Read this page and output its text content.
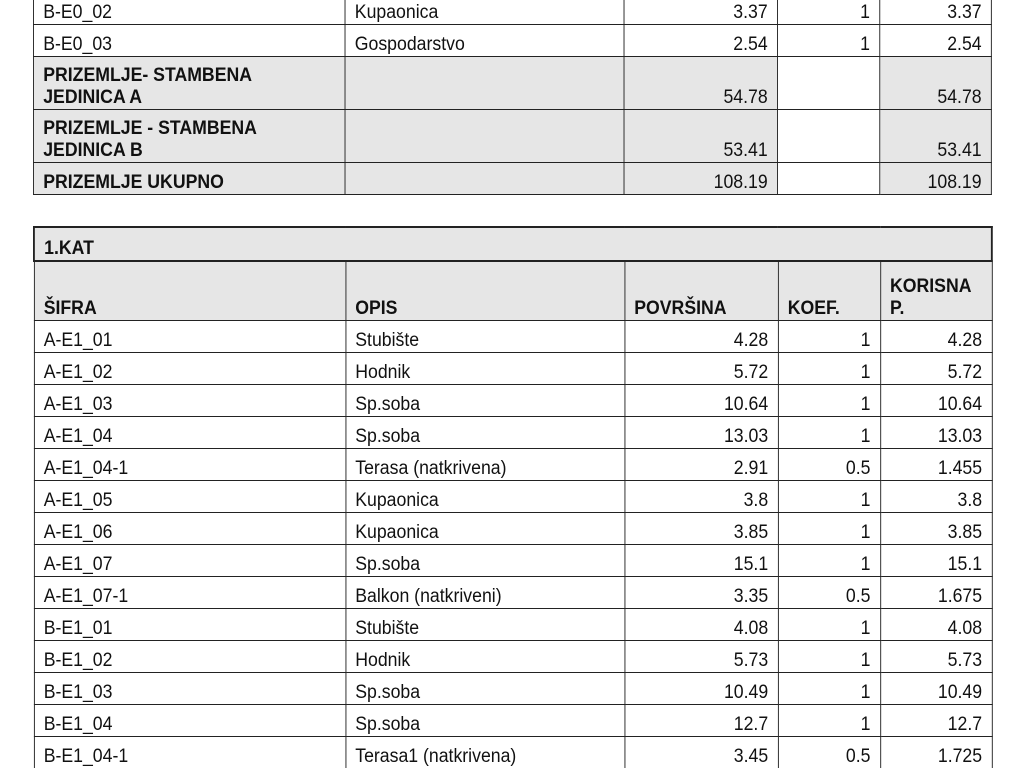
B-E0_02	Kupaonica	3.37	1	3.37
B-E0_03	Gospodarstvo	2.54	1	2.54
PRIZEMLJE- STAMBENA JEDINICA A		54.78		54.78
PRIZEMLJE - STAMBENA JEDINICA B		53.41		53.41
PRIZEMLJE UKUPNO		108.19		108.19
1.KAT				
ŠIFRA	OPIS	POVRŠINA	KOEF.	KORISNA P.
A-E1_01	Stubište	4.28	1	4.28
A-E1_02	Hodnik	5.72	1	5.72
A-E1_03	Sp.soba	10.64	1	10.64
A-E1_04	Sp.soba	13.03	1	13.03
A-E1_04-1	Terasa (natkrivena)	2.91	0.5	1.455
A-E1_05	Kupaonica	3.8	1	3.8
A-E1_06	Kupaonica	3.85	1	3.85
A-E1_07	Sp.soba	15.1	1	15.1
A-E1_07-1	Balkon (natkriveni)	3.35	0.5	1.675
B-E1_01	Stubište	4.08	1	4.08
B-E1_02	Hodnik	5.73	1	5.73
B-E1_03	Sp.soba	10.49	1	10.49
B-E1_04	Sp.soba	12.7	1	12.7
B-E1_04-1	Terasa1 (natkrivena)	3.45	0.5	1.725
